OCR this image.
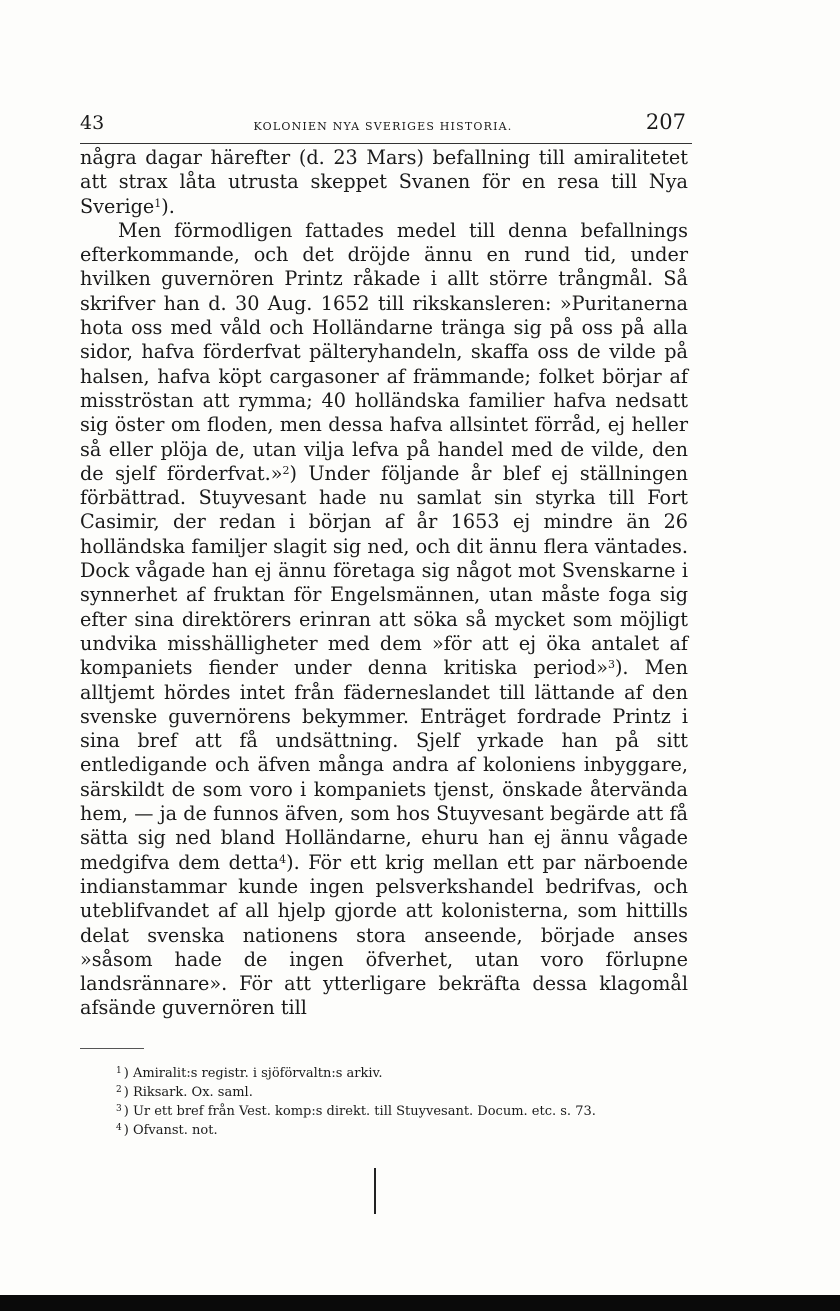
43	KOLONIEN NYA SVERIGES HISTORIA.	207

några dagar härefter (d. 23 Mars) befallning till amiralitetet att strax låta utrusta skeppet Svanen för en resa till Nya Sverige$^1$).

Men förmodligen fattades medel till denna befallnings efterkommande, och det dröjde ännu en rund tid, under hvilken guvernören Printz råkade i allt större trångmål. Så skrifver han d. 30 Aug. 1652 till rikskansleren: »Puritanerna hota oss med våld och Holländarne tränga sig på oss på alla sidor, hafva förderfvat pälteryhandeln, skaffa oss de vilde på halsen, hafva köpt cargasoner af främmande; folket börjar af misströstan att rymma; 40 holländska familier hafva nedsatt sig öster om floden, men dessa hafva allsintet förråd, ej heller så eller plöja de, utan vilja lefva på handel med de vilde, den de sjelf förderfvat.»$^2$) Under följande år blef ej ställningen förbättrad. Stuyvesant hade nu samlat sin styrka till Fort Casimir, der redan i början af år 1653 ej mindre än 26 holländska familjer slagit sig ned, och dit ännu flera väntades. Dock vågade han ej ännu företaga sig något mot Svenskarne i synnerhet af fruktan för Engelsmännen, utan måste foga sig efter sina direktörers erinran att söka så mycket som möjligt undvika misshälligheter med dem »för att ej öka antalet af kompaniets fiender under denna kritiska period»$^3$). Men alltjemt hördes intet från fäderneslandet till lättande af den svenske guvernörens bekymmer. Enträget fordrade Printz i sina bref att få undsättning. Sjelf yrkade han på sitt entledigande och äfven många andra af koloniens inbyggare, särskildt de som voro i kompaniets tjenst, önskade återvända hem, — ja de funnos äfven, som hos Stuyvesant begärde att få sätta sig ned bland Holländarne, ehuru han ej ännu vågade medgifva dem detta$^4$). För ett krig mellan ett par närboende indianstammar kunde ingen pelsverkshandel bedrifvas, och uteblifvandet af all hjelp gjorde att kolonisterna, som hittills delat svenska nationens stora anseende, började anses »såsom hade de ingen öfverhet, utan voro förlupne landsrännare». För att ytterligare bekräfta dessa klagomål afsände guvernören till

$^1$ ) Amiralit:s registr. i sjöförvaltn:s arkiv.
$^2$ ) Riksark. Ox. saml.
$^3$ ) Ur ett bref från Vest. komp:s direkt. till Stuyvesant. Docum. etc. s. 73.
$^4$ ) Ofvanst. not.
